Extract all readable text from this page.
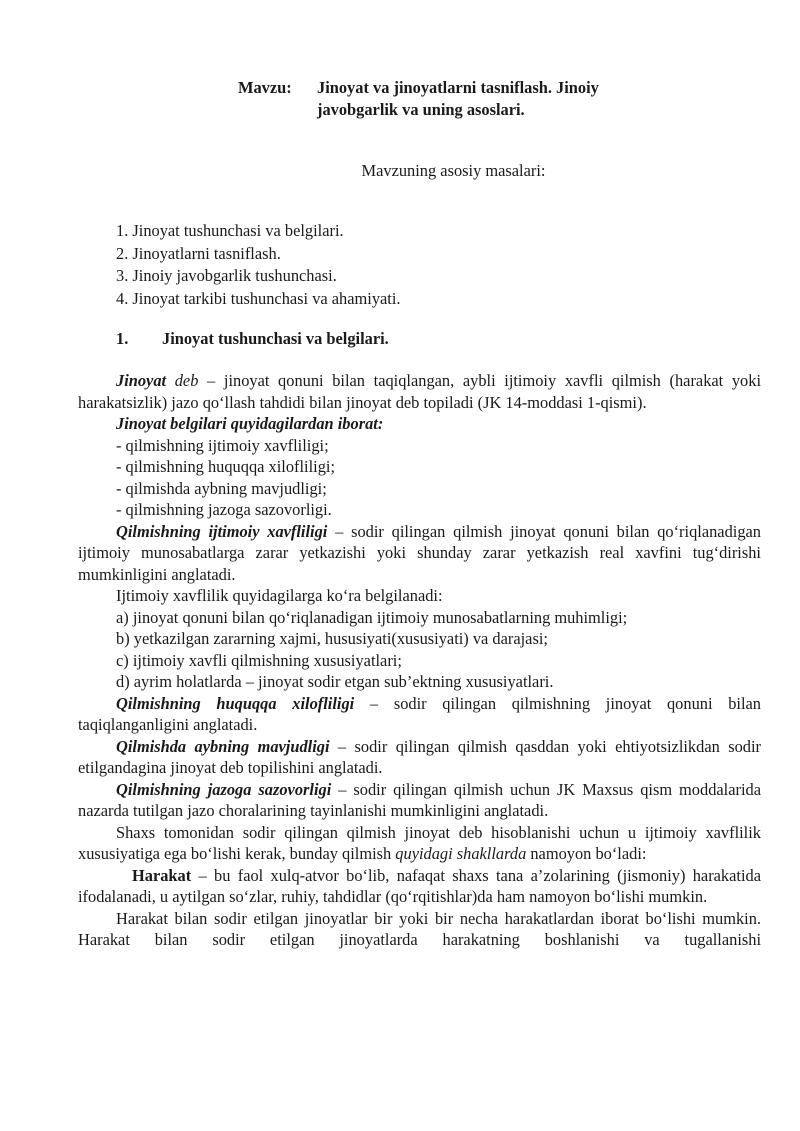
Mavzu:	Jinoyat va jinoyatlarni tasniflash. Jinoiy
javobgarlik va uning asoslari.
Mavzuning asosiy masalari:
1. Jinoyat tushunchasi va belgilari.
2. Jinoyatlarni tasniflash.
3. Jinoiy javobgarlik tushunchasi.
4. Jinoyat tarkibi tushunchasi va ahamiyati.
1.	Jinoyat tushunchasi va belgilari.

Jinoyat deb – jinoyat qonuni bilan taqiqlangan, aybli ijtimoiy xavfli qilmish (harakat yoki harakatsizlik) jazo qo‘llash tahdidi bilan jinoyat deb topiladi (JK 14-moddasi 1-qismi).

Jinoyat belgilari quyidagilardan iborat:

- qilmishning ijtimoiy xavfliligi;

- qilmishning huquqqa xilofliligi;

- qilmishda aybning mavjudligi;

- qilmishning jazoga sazovorligi.

Qilmishning ijtimoiy xavfliligi – sodir qilingan qilmish jinoyat qonuni bilan qo‘riqlanadigan ijtimoiy munosabatlarga zarar yetkazishi yoki shunday zarar yetkazish real xavfini tug‘dirishi mumkinligini anglatadi.

Ijtimoiy xavflilik quyidagilarga ko‘ra belgilanadi:

a) jinoyat qonuni bilan qo‘riqlanadigan ijtimoiy munosabatlarning muhimligi;

b) yetkazilgan zararning xajmi, hususiyati(xususiyati) va darajasi;

c) ijtimoiy xavfli qilmishning xususiyatlari;

d) ayrim holatlarda – jinoyat sodir etgan sub’ektning xususiyatlari.

Qilmishning huquqqa xilofliligi – sodir qilingan qilmishning jinoyat qonuni bilan taqiqlanganligini anglatadi.

Qilmishda aybning mavjudligi – sodir qilingan qilmish qasddan yoki ehtiyotsizlikdan sodir etilgandagina jinoyat deb topilishini anglatadi.

Qilmishning jazoga sazovorligi – sodir qilingan qilmish uchun JK Maxsus qism moddalarida nazarda tutilgan jazo choralarining tayinlanishi mumkinligini anglatadi.

Shaxs tomonidan sodir qilingan qilmish jinoyat deb hisoblanishi uchun u ijtimoiy xavflilik xususiyatiga ega bo‘lishi kerak, bunday qilmish quyidagi shakllarda namoyon bo‘ladi:

Harakat – bu faol xulq-atvor bo‘lib, nafaqat shaxs tana a’zolarining (jismoniy) harakatida ifodalanadi, u aytilgan so‘zlar, ruhiy, tahdidlar (qo‘rqitishlar)da ham namoyon bo‘lishi mumkin.

Harakat bilan sodir etilgan jinoyatlar bir yoki bir necha harakatlardan iborat bo‘lishi mumkin. Harakat bilan sodir etilgan jinoyatlarda harakatning boshlanishi va tugallanishi
